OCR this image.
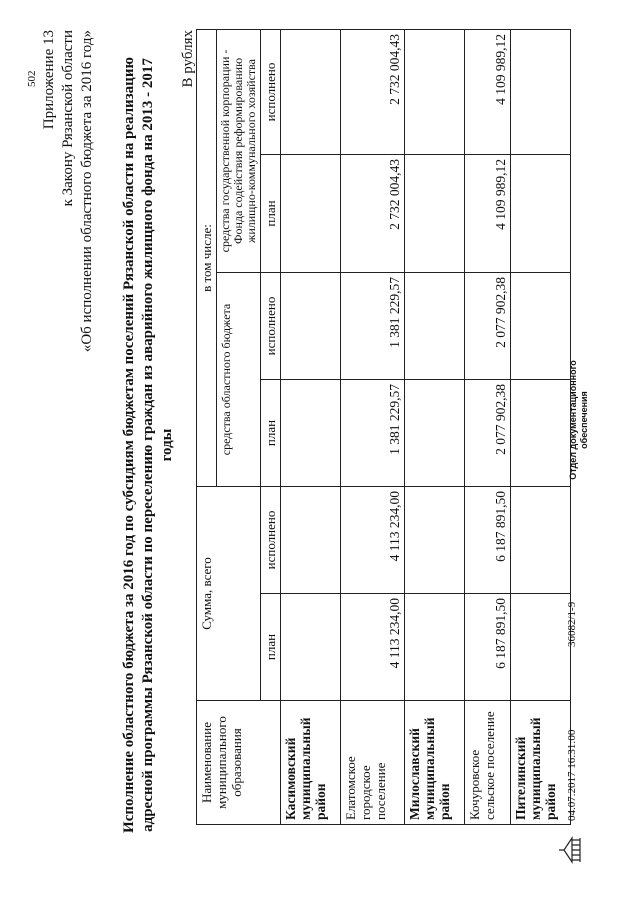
502 Приложение 13 к Закону Рязанской области «Об исполнении областного бюджета за 2016 год» Исполнение областного бюджета за 2016 год по субсидиям бюджетам поселений Рязанской области на реализацию адресной программы Рязанской области по переселению граждан из аварийного жилищного фонда на 2013 - 2017 годы
В рублях
Наименование муниципального образования	Сумма, всего		в том числе:			
			средства областного бюджета		средства государственной корпорации - Фонда содействия реформированию жилищно-коммунального хозяйства	
	план	исполнено	план	исполнено	план	исполнено
Касимовский муниципальный район						
Елатомское городское поселение	4 113 234,00	4 113 234,00	1 381 229,57	1 381 229,57	2 732 004,43	2 732 004,43
Милославский муниципальный район						
Кочуровское сельское поселение	6 187 891,50	6 187 891,50	2 077 902,38	2 077 902,38	4 109 989,12	4 109 989,12
Пителинский муниципальный район						04.07.2017 16:31:00
36082/1-9
Отдел документационного обеспечения
